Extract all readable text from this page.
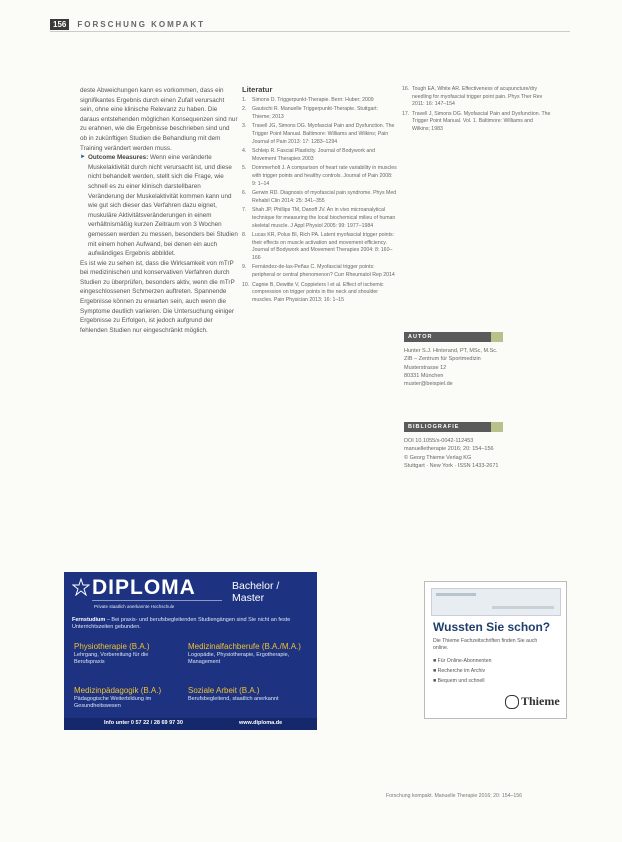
156	FORSCHUNG KOMPAKT

deste Abweichungen kann es vorkommen, dass ein signifikantes Ergebnis durch einen Zufall verursacht sein, ohne eine klinische Relevanz zu haben. Die daraus entstehenden möglichen Konsequenzen sind nur zu erahnen, wie die Ergebnisse beschrieben sind und ob in zukünftigen Studien die Behandlung mit dem Training verändert werden muss.

► Outcome Measures: Wenn eine veränderte Muskelaktivität durch nicht verursacht ist, und diese nicht behandelt werden, stellt sich die Frage, wie schnell es zu einer klinisch darstellbaren Veränderung der Muskelaktivität kommen kann und wie gut sich dieser das Verfahren dazu eignet, muskuläre Aktivitätsveränderungen in einem verhältnismäßig kurzen Zeitraum von 3 Wochen gemessen werden zu messen, besonders bei Studien mit einem hohen Aufwand, bei denen ein auch aufwändiges Ergebnis abbildet.

Es ist wie zu sehen ist, dass die Wirksamkeit von mTrP bei medizinischen und konservativen Verfahren durch Studien zu überprüfen, besonders aktiv, wenn die mTrP eingeschlossenen Schmerzen auftreten. Spannende Ergebnisse können zu erwarten sein, auch wenn die Symptome deutlich variieren. Die Untersuchung einiger Ergebnisse zu Erfolgen, ist jedoch aufgrund der fehlenden Studien nur eingeschränkt möglich.

Literatur
1.	Simons D. Triggerpunkt-Therapie. Bern: Huber; 2009
2.	Gautschi R. Manuelle Triggerpunkt-Therapie. Stuttgart: Thieme; 2013
3.	Travell JG, Simons DG. Myofascial Pain and Dysfunction. The Trigger Point Manual. Baltimore: Williams and Wilkins; Pain Journal of Pain 2013: 17: 1283–1294
4.	Schleip R. Fascial Plasticity. Journal of Bodywork and Movement Therapies 2003
5.	Dommerholt J. A comparison of heart rate variability in muscles with trigger points and healthy controls. Journal of Pain 2008: 9: 1–14
6.	Gerwin RD. Diagnosis of myofascial pain syndrome. Phys Med Rehabil Clin 2014: 25: 341–355
7.	Shah JP, Phillips TM, Danoff JV. An in vivo microanalytical technique for measuring the local biochemical milieu of human skeletal muscle. J Appl Physiol 2005: 99: 1977–1984
8.	Lucas KR, Polus BI, Rich PA. Latent myofascial trigger points: their effects on muscle activation and movement efficiency. Journal of Bodywork and Movement Therapies 2004: 8: 160–166
9.	Fernández-de-las-Peñas C. Myofascial trigger points: peripheral or central phenomenon? Curr Rheumatol Rep 2014
10. Cagnie B, Dewitte V, Coppieters I et al. Effect of ischemic compression on trigger points in the neck and shoulder muscles. Pain Physician 2013: 16: 1–15
16. Tough EA, White AR. Effectiveness of acupuncture/dry needling for myofascial trigger point pain. Phys Ther Rev 2011: 16: 147–154
17. Travell J, Simons DG. Myofascial Pain and Dysfunction. The Trigger Point Manual. Vol. 1. Baltimore: Williams and Wilkins; 1983
AUTOR
Hunter S.J. Hinterand, PT, MSc, M.Sc.
ZIB – Zentrum für Sportmedizin
Musterstrasse 12
80331 München
muster@beispiel.de
BIBLIOGRAFIE
DOI 10.1055/s-0042-112453
manuelletherapie 2016; 20: 154–156
© Georg Thieme Verlag KG
Stuttgart · New York · ISSN 1433-2671
DIPLOMA	Bachelor / Master
Private staatlich anerkannte Hochschule
Fernstudium – Bei praxis- und berufsbegleitenden Studiengängen sind Sie nicht an feste Unterrichtszeiten gebunden.
Physiotherapie (B.A.)
Lehrgang, Vorbereitung für die Berufspraxis
Medizinalfachberufe (B.A./M.A.)
Logopädie, Physiotherapie, Ergotherapie, Management
Medizinpädagogik (B.A.)
Pädagogische Weiterbildung im Gesundheitswesen
Soziale Arbeit (B.A.)
Berufsbegleitend, staatlich anerkannt
Info unter 0 57 22 / 28 69 97 30	www.diploma.de
Wussten Sie schon?
Die Thieme Fachzeitschriften finden Sie auch online.
■ Für Online-Abonnenten
■ Recherche im Archiv
■ Bequem und schnell
Thieme
Forschung kompakt. Manuelle Therapie 2016; 20: 154–156
